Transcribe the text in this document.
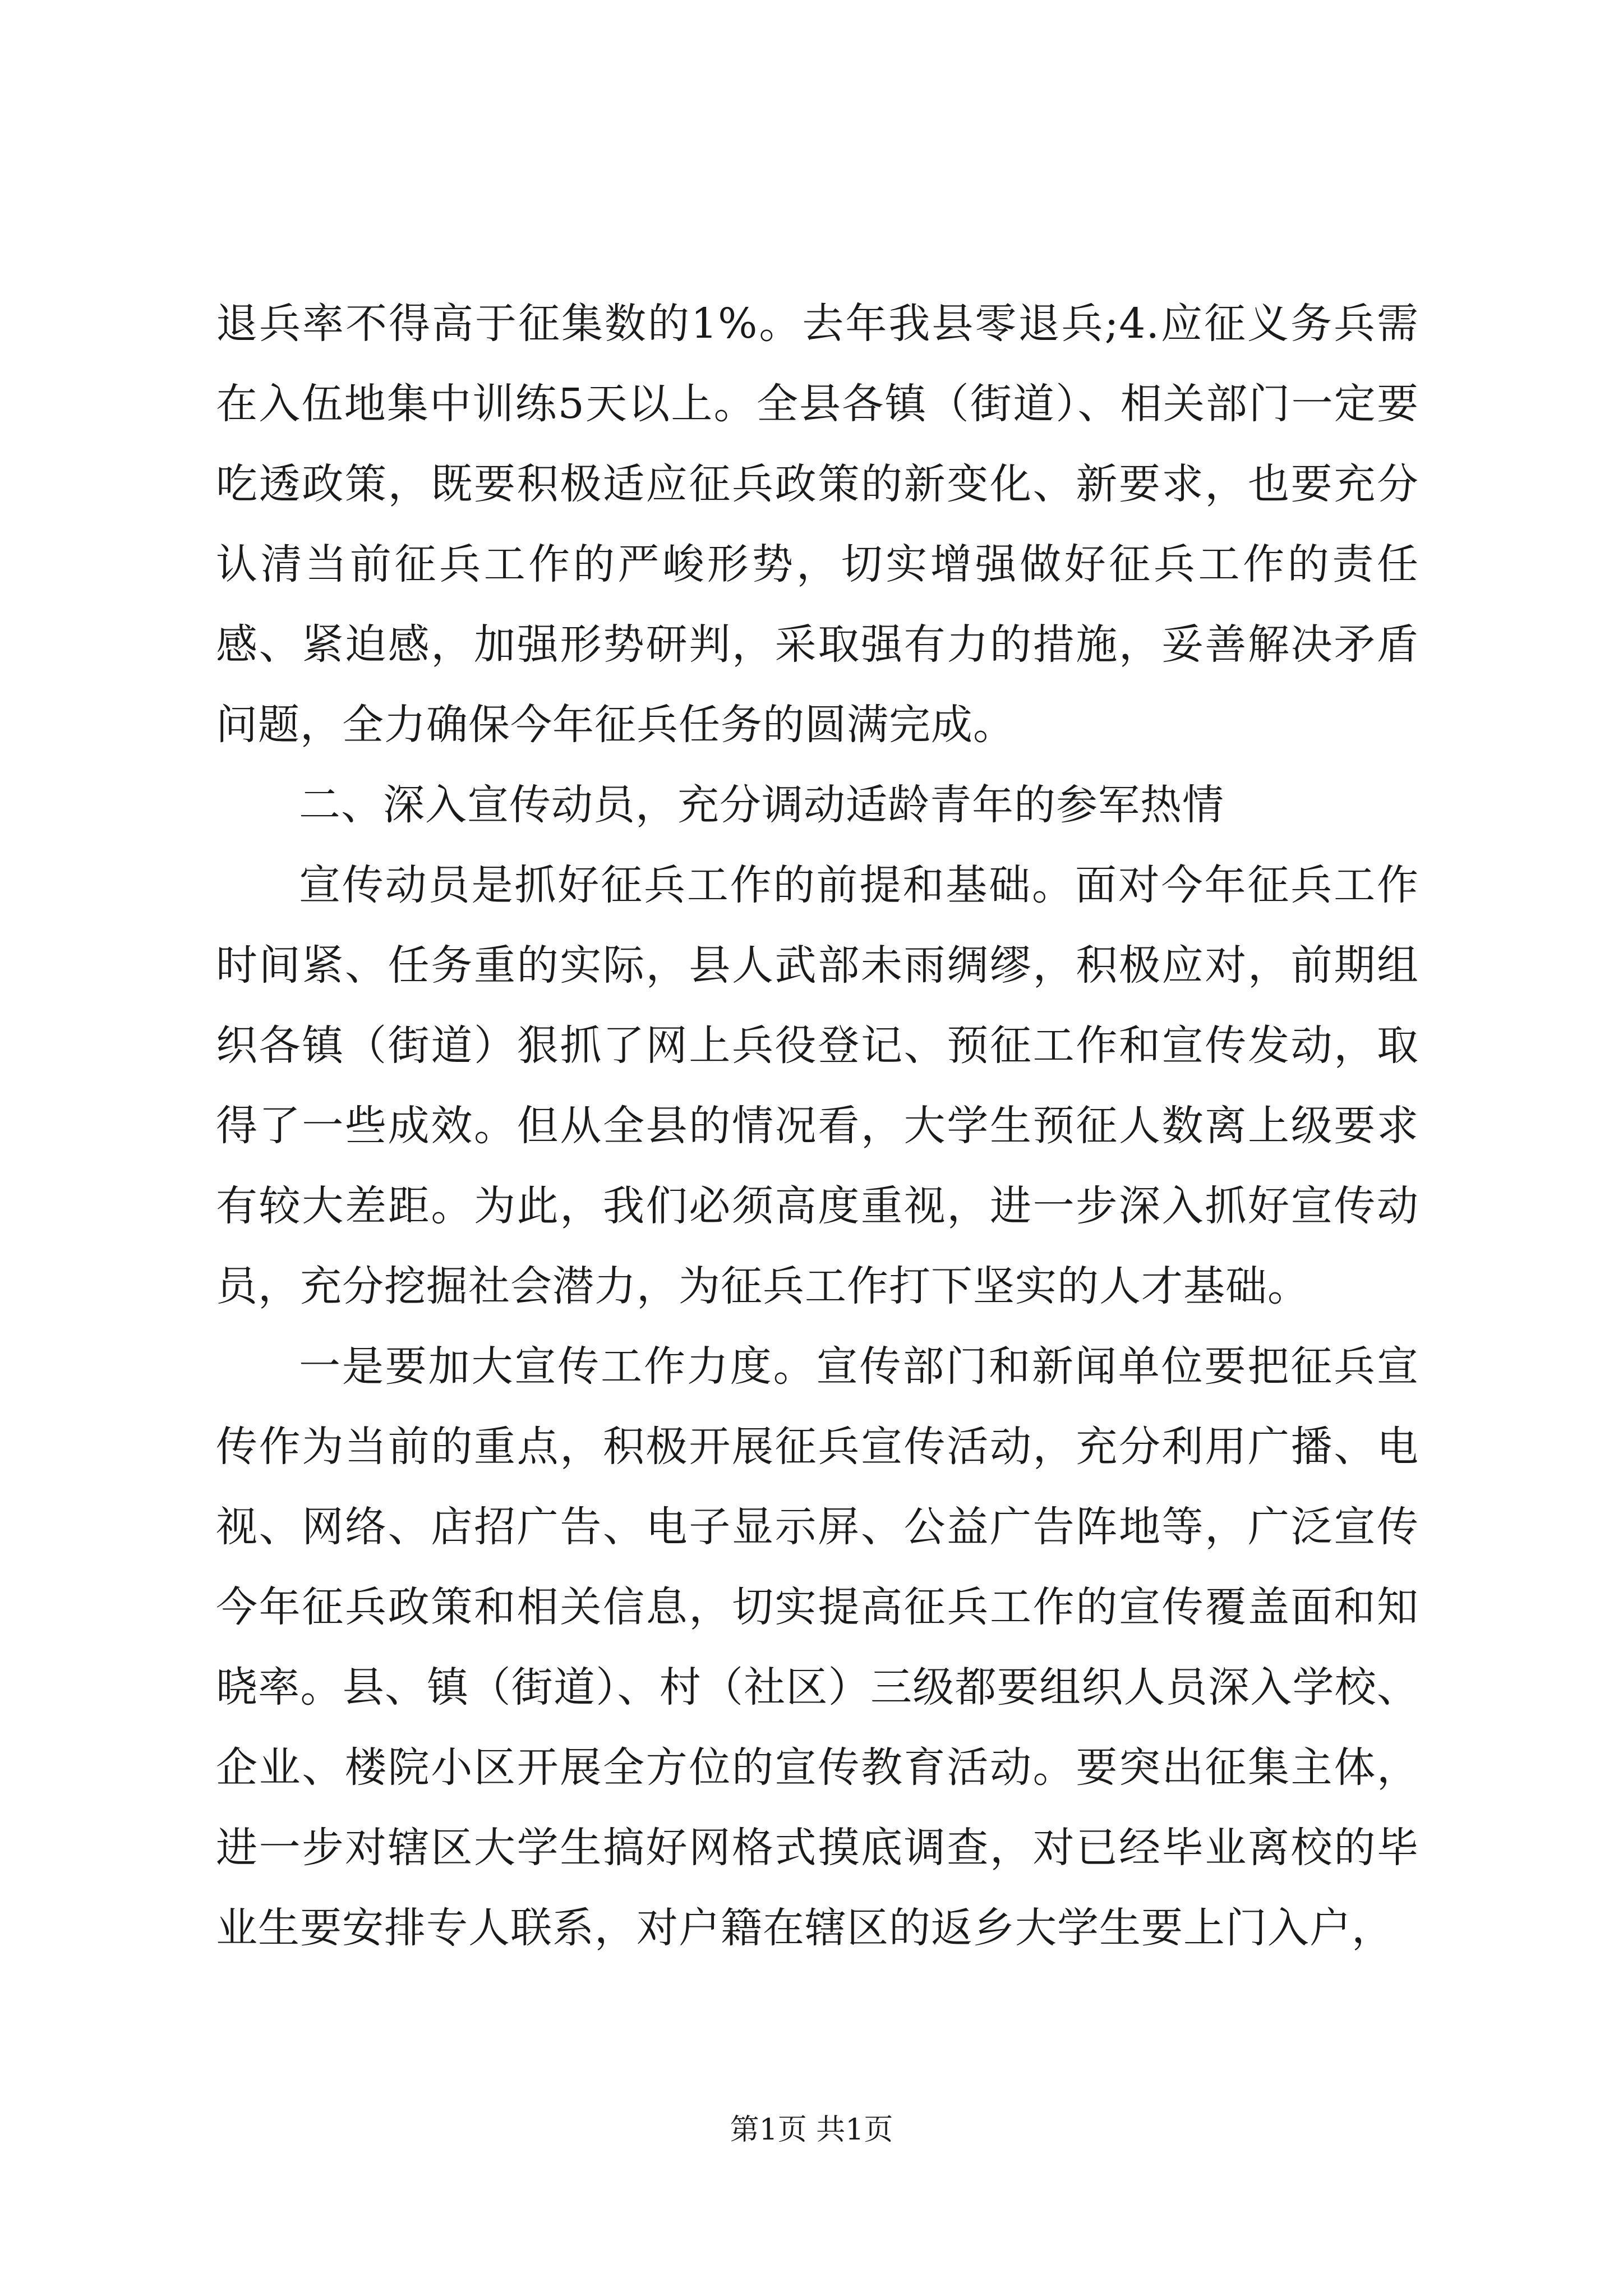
退兵率不得高于征集数的1%。去年我县零退兵;4.应征义务兵需在入伍地集中训练5天以上。全县各镇（街道）、相关部门一定要吃透政策，既要积极适应征兵政策的新变化、新要求，也要充分认清当前征兵工作的严峻形势，切实增强做好征兵工作的责任感、紧迫感，加强形势研判，采取强有力的措施，妥善解决矛盾问题，全力确保今年征兵任务的圆满完成。

二、深入宣传动员，充分调动适龄青年的参军热情

宣传动员是抓好征兵工作的前提和基础。面对今年征兵工作时间紧、任务重的实际，县人武部未雨绸缪，积极应对，前期组织各镇（街道）狠抓了网上兵役登记、预征工作和宣传发动，取得了一些成效。但从全县的情况看，大学生预征人数离上级要求有较大差距。为此，我们必须高度重视，进一步深入抓好宣传动员，充分挖掘社会潜力，为征兵工作打下坚实的人才基础。

一是要加大宣传工作力度。宣传部门和新闻单位要把征兵宣传作为当前的重点，积极开展征兵宣传活动，充分利用广播、电视、网络、店招广告、电子显示屏、公益广告阵地等，广泛宣传今年征兵政策和相关信息，切实提高征兵工作的宣传覆盖面和知晓率。县、镇（街道）、村（社区）三级都要组织人员深入学校、企业、楼院小区开展全方位的宣传教育活动。要突出征集主体，进一步对辖区大学生搞好网格式摸底调查，对已经毕业离校的毕业生要安排专人联系，对户籍在辖区的返乡大学生要上门入户，

第1页 共1页
